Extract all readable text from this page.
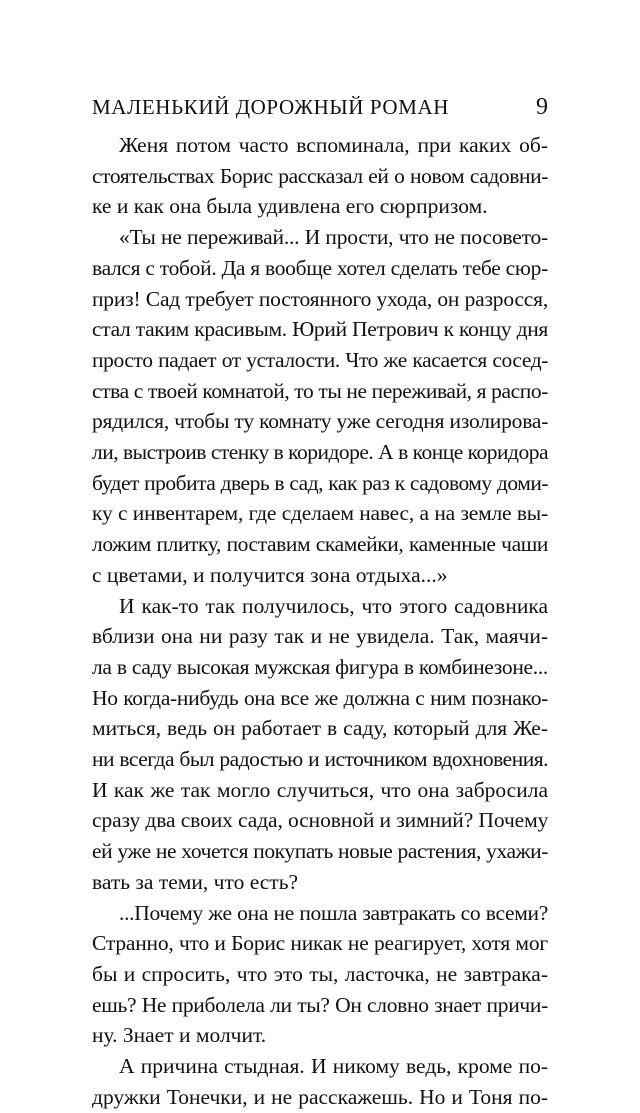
МАЛЕНЬКИЙ ДОРОЖНЫЙ РОМАН	9
Женя потом часто вспоминала, при каких об-
стоятельствах Борис рассказал ей о новом садовни-
ке и как она была удивлена его сюрпризом.
«Ты не переживай... И прости, что не посовето-
вался с тобой. Да я вообще хотел сделать тебе сюр-
приз! Сад требует постоянного ухода, он разросся,
стал таким красивым. Юрий Петрович к концу дня
просто падает от усталости. Что же касается сосед-
ства с твоей комнатой, то ты не переживай, я распо-
рядился, чтобы ту комнату уже сегодня изолирова-
ли, выстроив стенку в коридоре. А в конце коридора
будет пробита дверь в сад, как раз к садовому доми-
ку с инвентарем, где сделаем навес, а на земле вы-
ложим плитку, поставим скамейки, каменные чаши
с цветами, и получится зона отдыха...»
И как-то так получилось, что этого садовника
вблизи она ни разу так и не увидела. Так, маячи-
ла в саду высокая мужская фигура в комбинезоне...
Но когда-нибудь она все же должна с ним познако-
миться, ведь он работает в саду, который для Же-
ни всегда был радостью и источником вдохновения.
И как же так могло случиться, что она забросила
сразу два своих сада, основной и зимний? Почему
ей уже не хочется покупать новые растения, ухажи-
вать за теми, что есть?
...Почему же она не пошла завтракать со всеми?
Странно, что и Борис никак не реагирует, хотя мог
бы и спросить, что это ты, ласточка, не завтрака-
ешь? Не приболела ли ты? Он словно знает причи-
ну. Знает и молчит.
А причина стыдная. И никому ведь, кроме по-
дружки Тонечки, и не расскажешь. Но и Тоня по-
